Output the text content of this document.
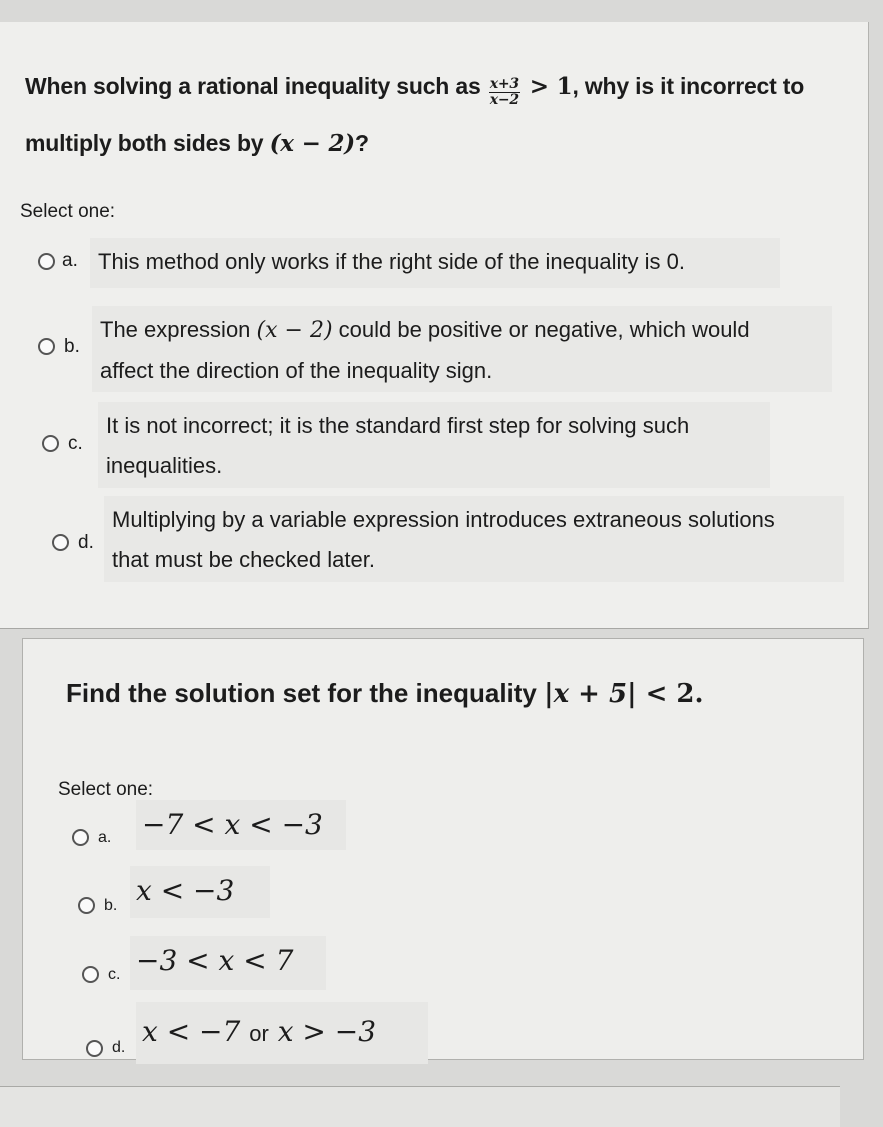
When solving a rational inequality such as $\frac{x+3}{x-2} > 1$, why is it incorrect to
multiply both sides by (x − 2)?
Select one:
a. This method only works if the right side of the inequality is 0.
b.
The expression (x − 2) could be positive or negative, which would
affect the direction of the inequality sign.
c.
It is not incorrect; it is the standard first step for solving such
inequalities.
d.
Multiplying by a variable expression introduces extraneous solutions
that must be checked later.
Find the solution set for the inequality |x + 5| < 2.
Select one:
a. −7 < x < −3
b. x < −3
c. −3 < x < 7
d. x < −7 or x > −3
